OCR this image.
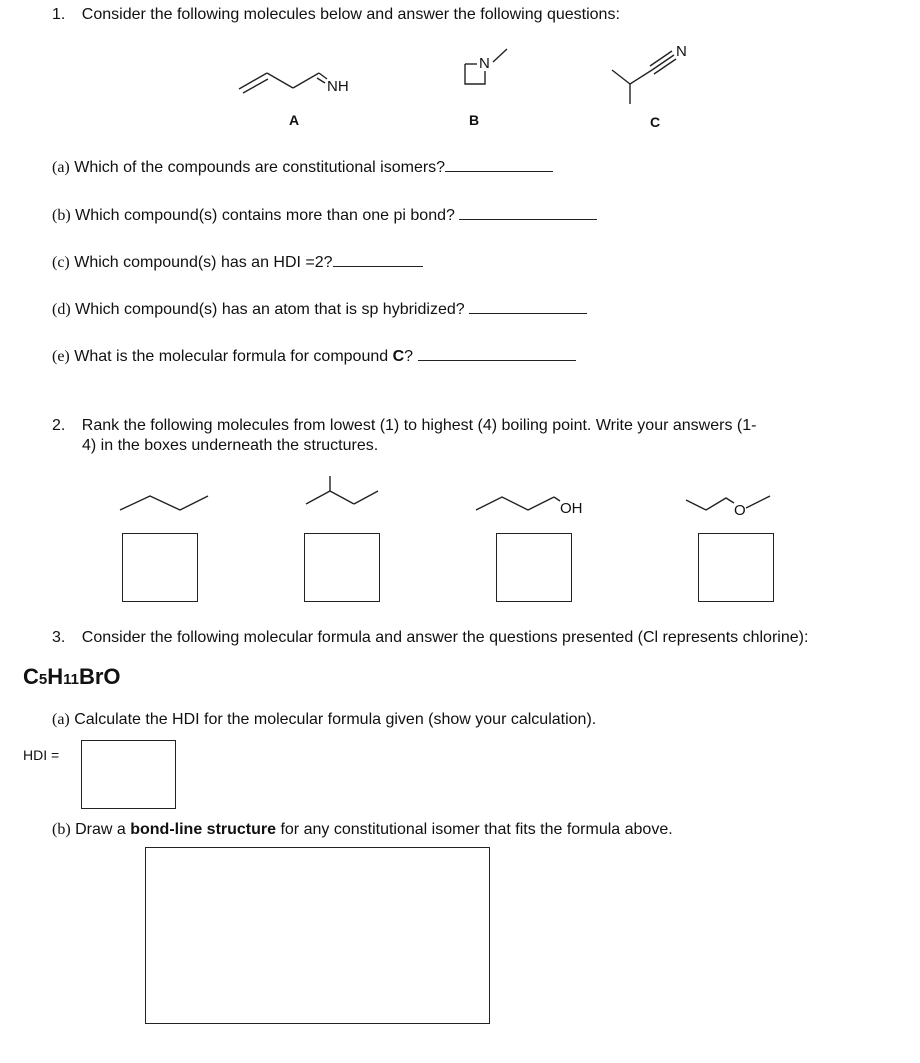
1. Consider the following molecules below and answer the following questions:
NH
A
N
B
N
C
(a) Which of the compounds are constitutional isomers?
(b) Which compound(s) contains more than one pi bond?
(c) Which compound(s) has an HDI =2?
(d) Which compound(s) has an atom that is sp hybridized?
(e) What is the molecular formula for compound C?
2. Rank the following molecules from lowest (1) to highest (4) boiling point. Write your answers (1-
4) in the boxes underneath the structures.
OH	O
3. Consider the following molecular formula and answer the questions presented (Cl represents chlorine):
C5H11BrO
(a) Calculate the HDI for the molecular formula given (show your calculation).
HDI =
(b) Draw a bond-line structure for any constitutional isomer that fits the formula above.
